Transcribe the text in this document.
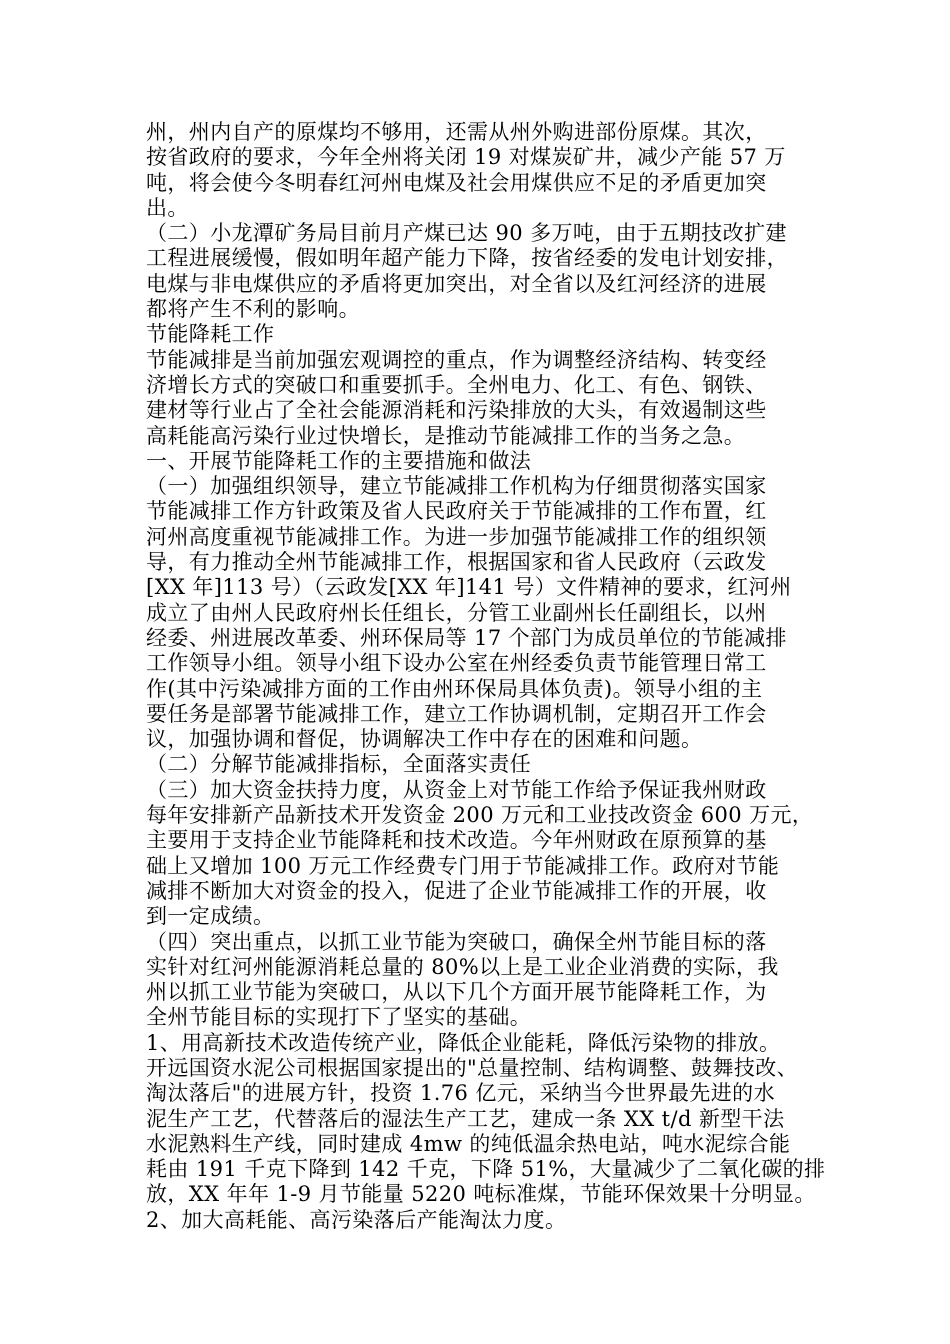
州，州内自产的原煤均不够用，还需从州外购进部份原煤。其次，
按省政府的要求，今年全州将关闭 19 对煤炭矿井，减少产能 57 万
吨，将会使今冬明春红河州电煤及社会用煤供应不足的矛盾更加突
出。
（二）小龙潭矿务局目前月产煤已达 90 多万吨，由于五期技改扩建
工程进展缓慢，假如明年超产能力下降，按省经委的发电计划安排，
电煤与非电煤供应的矛盾将更加突出，对全省以及红河经济的进展
都将产生不利的影响。
节能降耗工作
节能减排是当前加强宏观调控的重点，作为调整经济结构、转变经
济增长方式的突破口和重要抓手。全州电力、化工、有色、钢铁、
建材等行业占了全社会能源消耗和污染排放的大头，有效遏制这些
高耗能高污染行业过快增长，是推动节能减排工作的当务之急。
一、开展节能降耗工作的主要措施和做法
（一）加强组织领导，建立节能减排工作机构为仔细贯彻落实国家
节能减排工作方针政策及省人民政府关于节能减排的工作布置，红
河州高度重视节能减排工作。为进一步加强节能减排工作的组织领
导，有力推动全州节能减排工作，根据国家和省人民政府（云政发
[XX 年]113 号）（云政发[XX 年]141 号）文件精神的要求，红河州
成立了由州人民政府州长任组长，分管工业副州长任副组长，以州
经委、州进展改革委、州环保局等 17 个部门为成员单位的节能减排
工作领导小组。领导小组下设办公室在州经委负责节能管理日常工
作(其中污染减排方面的工作由州环保局具体负责)。领导小组的主
要任务是部署节能减排工作，建立工作协调机制，定期召开工作会
议，加强协调和督促，协调解决工作中存在的困难和问题。
（二）分解节能减排指标，全面落实责任
（三）加大资金扶持力度，从资金上对节能工作给予保证我州财政
每年安排新产品新技术开发资金 200 万元和工业技改资金 600 万元，
主要用于支持企业节能降耗和技术改造。今年州财政在原预算的基
础上又增加 100 万元工作经费专门用于节能减排工作。政府对节能
减排不断加大对资金的投入，促进了企业节能减排工作的开展，收
到一定成绩。
（四）突出重点，以抓工业节能为突破口，确保全州节能目标的落
实针对红河州能源消耗总量的 80%以上是工业企业消费的实际，我
州以抓工业节能为突破口，从以下几个方面开展节能降耗工作，为
全州节能目标的实现打下了坚实的基础。
1、用高新技术改造传统产业，降低企业能耗，降低污染物的排放。
开远国资水泥公司根据国家提出的"总量控制、结构调整、鼓舞技改、
淘汰落后"的进展方针，投资 1.76 亿元，采纳当今世界最先进的水
泥生产工艺，代替落后的湿法生产工艺，建成一条 XX t/d 新型干法
水泥熟料生产线，同时建成 4mw 的纯低温余热电站，吨水泥综合能
耗由 191 千克下降到 142 千克，下降 51%，大量减少了二氧化碳的排
放，XX 年年 1-9 月节能量 5220 吨标准煤，节能环保效果十分明显。
2、加大高耗能、高污染落后产能淘汰力度。
